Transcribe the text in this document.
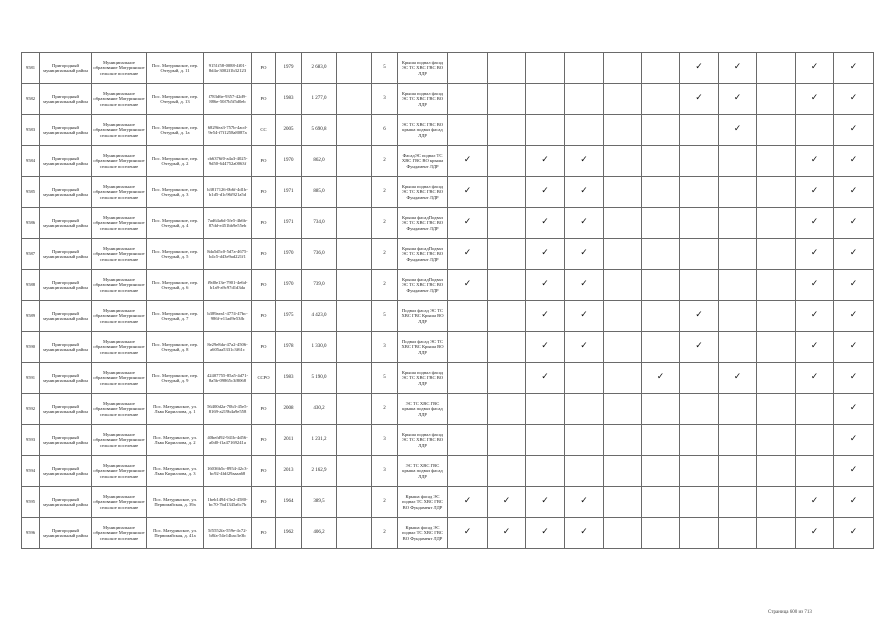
9581	Пригородный муниципальный район	Муниципальное образование Матуринское сельское поселение	Пос. Матуринское, пер. Очтурый, д. 11	9151f58-0088-4f01-8d4a-3002f1b32123	РО	1979	2 683,0		5	Крыша подвал фасад ЭС ТС ХВС ГВС ВО ЛДР							✓	✓		✓	✓
9582	Пригородный муниципальный район	Муниципальное образование Матуринское сельское поселение	Пос. Матуринское, пер. Очтурый, д. 13	f783d6e-9357-42d9-886e-50f7b5f5d0eb	РО	1983	1 277,0		3	Крыша подвал фасад ЭС ТС ХВС ГВС ВО ЛДР							✓	✓		✓	✓
9583	Пригородный муниципальный район	Муниципальное образование Матуринское сельское поселение	Пос. Матуринское, пер. Очтурый, д. 1а	6829fea3-757b-4acd-9e54-f7f1258a8087a	СС	2005	5 690,8		6	ЭС ТС ХВС ГВС ВО крыша подвал фасад ЛДР								✓			✓
9584	Пригородный муниципальный район	Муниципальное образование Матуринское сельское поселение	Пос. Матуринское, пер. Очтурый, д. 2	cb6376f0-a4a3-4025-9d50-644752a0063f	РО	1970	862,0		2	ФасадЭС подвал ТС ХВС ГВС ВО крыша Фундамент ЛДР	✓		✓	✓						✓	✓
9585	Пригородный муниципальный район	Муниципальное образование Матуринское сельское поселение	Пос. Матуринское, пер. Очтурый, д. 3	b3817126-0b6f-4d1b-b1d5-d1c96f921a5d	РО	1971	885,0		2	Крыша подвал фасад ЭС ТС ХВС ГВС ВО Фундамент ЛДР	✓		✓	✓						✓	✓
9586	Пригородный муниципальный район	Муниципальное образование Матуринское сельское поселение	Пос. Матуринское, пер. Очтурый, д. 4	7ad64a6d-5fe5-4b6b-87dd-e451bb9e55eb	РО	1971	734,0		2	Крыша фасадПодвал ЭС ТС ХВС ГВС ВО Фундамент ЛДР	✓		✓	✓						✓	✓
9587	Пригородный муниципальный район	Муниципальное образование Матуринское сельское поселение	Пос. Матуринское, пер. Очтурый, д. 5	8da5d5c0-5d7a-4675-b4c5-d43e9ad221f1	РО	1970	736,0		2	Крыша фасадПодвал ЭС ТС ХВС ГВС ВО Фундамент ЛДР	✓		✓	✓						✓	✓
9588	Пригородный муниципальный район	Муниципальное образование Матуринское сельское поселение	Пос. Матуринское, пер. Очтурый, д. 6	f9d0e13e-7901-4e6d-b1a9-a9c97d1d3da	РО	1970	739,0		2	Крыша фасадПодвал ЭС ТС ХВС ГВС ВО Фундамент ЛДР	✓		✓	✓						✓	✓
9589	Пригородный муниципальный район	Муниципальное образование Матуринское сельское поселение	Пос. Матуринское, пер. Очтурый, д. 7	b389aea1-4774-47bc-986f-e11ad9e53fb	РО	1975	4 423,0		5	Подвал фасад ЭС ТС ХВС ГВС Крыша ВО ЛДР			✓	✓			✓			✓	✓
9590	Пригородный муниципальный район	Муниципальное образование Матуринское сельское поселение	Пос. Матуринское, пер. Очтурый, д. 8	8e29e8da-47a2-4506-a605aa5331c3f61c	РО	1978	1 330,0		3	Подвал фасад ЭС ТС ХВС ГВС Крыша ВО ЛДР			✓	✓			✓			✓	✓
9591	Пригородный муниципальный район	Муниципальное образование Матуринское сельское поселение	Пос. Матуринское, пер. Очтурый, д. 9	42407755-85a5-4d71-8a5b-09865c3f8068	ССРО	1983	5 190,0		5	Крыша подвал фасад ЭС ТС ХВС ГВС ВО ЛДР			✓			✓		✓		✓	✓
9592	Пригородный муниципальный район	Муниципальное образование Матуринское сельское поселение	Пос. Матуринское, ул. Льва Кириллова, д. 1	56400d2a-70b3-45e5-8169-a219b4a9e558	РО	2008	430,2		2	ЭС ТС ХВС ГВС крыша подвал фасад ЛДР											✓
9593	Пригородный муниципальный район	Муниципальное образование Матуринское сельское поселение	Пос. Матуринское, ул. Льва Кириллова, д. 2	40befd92-941b-4d56-a0d0-f1a47169241a	РО	2011	1 231,2		3	Крыша подвал фасад ЭС ТС ХВС ГВС ВО ЛДР											✓
9594	Пригородный муниципальный район	Муниципальное образование Матуринское сельское поселение	Пос. Матуринское, ул. Льва Кириллова, д. 3	16036b5c-8954-42c3-bc92-4fdf29aaaa68	РО	2013	2 162,9		3	ЭС ТС ХВС ГВС крыша подвал фасад ЛДР											✓
9595	Пригородный муниципальный район	Муниципальное образование Матуринское сельское поселение	Пос. Матуринское, ул. Первомайская, д. 39а	1beb1494-f3e2-4580-bc70-7bd1345a6c7b	РО	1964	389,5		2	Крыша фасад ЭС подвал ТС ХВС ГВС ВО Фундамент ЛДР	✓	✓	✓	✓						✓	✓
9596	Пригородный муниципальный район	Муниципальное образование Матуринское сельское поселение	Пос. Матуринское, ул. Первомайская, д. 41а	5f5552fa-559e-4c72-b8fa-54e14bac3e3b	РО	1962	406,2		2	Крыша фасад ЭС подвал ТС ХВС ГВС ВО Фундамент ЛДР	✓	✓	✓	✓						✓	✓
Страница 600 из 713
